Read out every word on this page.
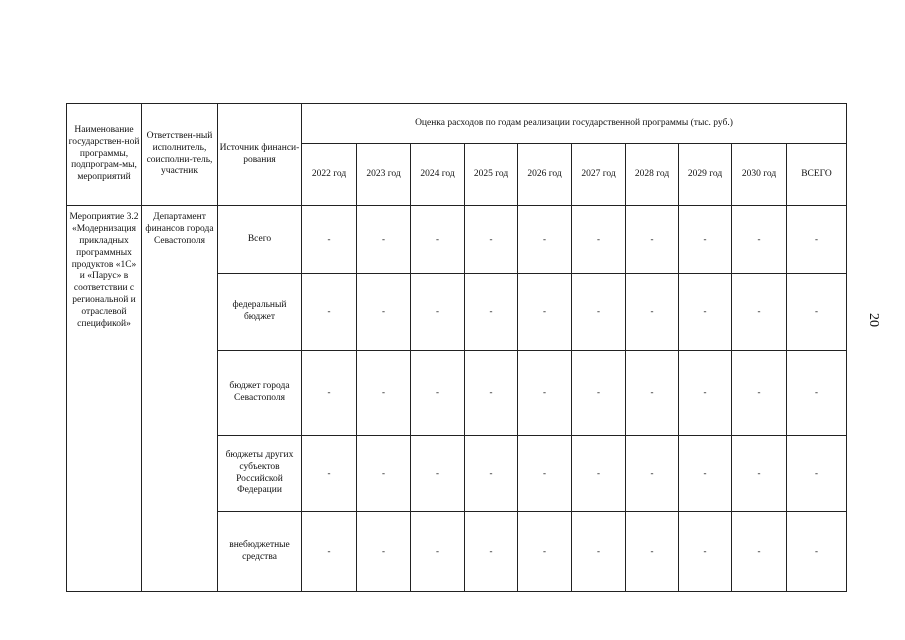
Наименование государствен-ной программы, подпрограм-мы, мероприятий	Ответствен-ный исполнитель, соисполни-тель, участник	Источник финанси-рования	Оценка расходов по годам реализации государственной программы (тыс. руб.)									
			2022 год	2023 год	2024 год	2025 год	2026 год	2027 год	2028 год	2029 год	2030 год	ВСЕГО
Мероприятие 3.2 «Модернизация прикладных программных продуктов «1С» и «Парус» в соответствии с региональной и отраслевой спецификой»	Департамент финансов города Севастополя	Всего	-	-	-	-	-	-	-	-	-	-
		федеральный бюджет	-	-	-	-	-	-	-	-	-	-
		бюджет города Севастополя	-	-	-	-	-	-	-	-	-	-
		бюджеты других субъектов Российской Федерации	-	-	-	-	-	-	-	-	-	-
		внебюджетные средства	-	-	-	-	-	-	-	-	-	-
20
